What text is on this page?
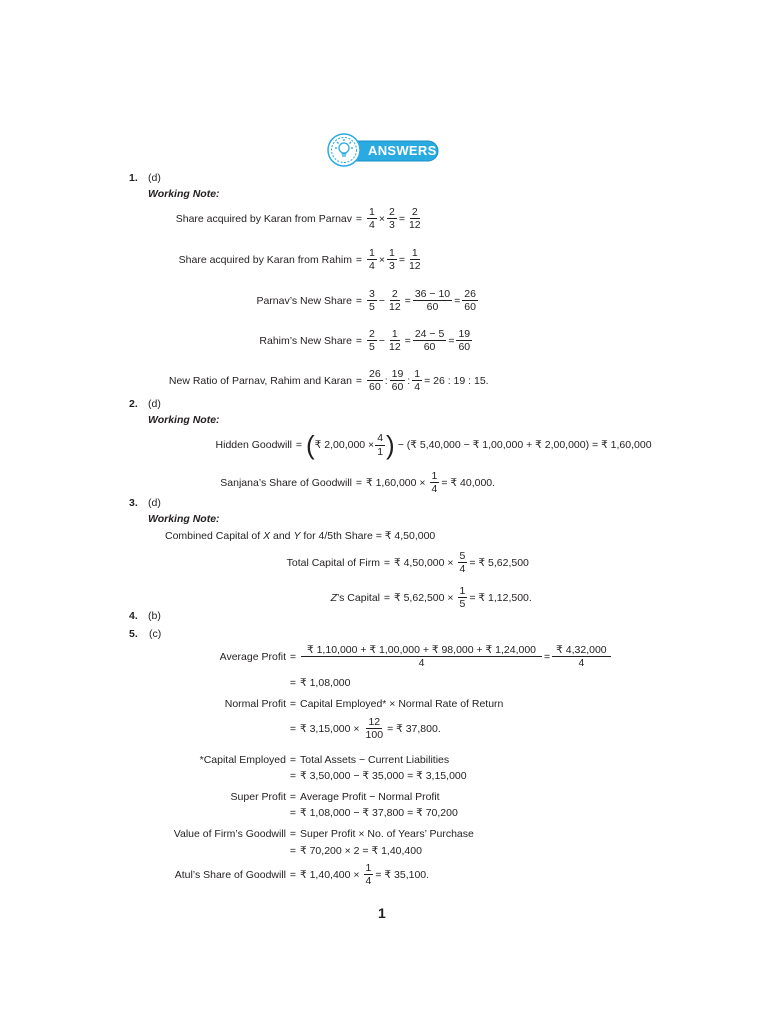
ANSWERS
1. (d)
Working Note:
Share acquired by Karan from Parnav = $\frac{1}{4} \times \frac{2}{3} = \frac{2}{12}$
Share acquired by Karan from Rahim = $\frac{1}{4} \times \frac{1}{3} = \frac{1}{12}$
Parnav’s New Share = $\frac{3}{5} - \frac{2}{12} = \frac{36 - 10}{60} = \frac{26}{60}$
Rahim’s New Share = $\frac{2}{5} - \frac{1}{12} = \frac{24 - 5}{60} = \frac{19}{60}$
New Ratio of Parnav, Rahim and Karan = $\frac{26}{60}$ : $\frac{19}{60}$ : $\frac{1}{4} = 26$ : 19 : 15.
2. (d)
Working Note:
Hidden Goodwill = ( ₹ $2,00,000 \times \frac{4}{1}$ ) − (₹ 5,40,000 − ₹ 1,00,000 + ₹ 2,00,000) = ₹ 1,60,000
Sanjana’s Share of Goodwill = ₹ $1,60,000 \times \frac{1}{4}$ = ₹ 40,000.
3. (d)
Working Note:
Combined Capital of X and Y for 4/5th Share = ₹ 4,50,000
Total Capital of Firm = ₹ $4,50,000 \times \frac{5}{4}$ = ₹ 5,62,500
Z’s Capital = ₹ $5,62,500 \times \frac{1}{5}$ = ₹ 1,12,500.
4. (b)
5. (c)
Average Profit = $\frac{₹ 1,10,000 + ₹ 1,00,000 + ₹ 98,000 + ₹ 1,24,000}{4} = \frac{₹ 4,32,000}{4}$
= ₹ 1,08,000
Normal Profit = Capital Employed* × Normal Rate of Return
= ₹ $3,15,000 \times \frac{12}{100}$ = ₹ 37,800.
*Capital Employed = Total Assets − Current Liabilities
= ₹ 3,50,000 − ₹ 35,000 = ₹ 3,15,000
Super Profit = Average Profit − Normal Profit
= ₹ 1,08,000 − ₹ 37,800 = ₹ 70,200
Value of Firm’s Goodwill = Super Profit × No. of Years’ Purchase
= ₹ 70,200 × 2 = ₹ 1,40,400
Atul’s Share of Goodwill = ₹ $1,40,400 \times \frac{1}{4}$ = ₹ 35,100.
1
